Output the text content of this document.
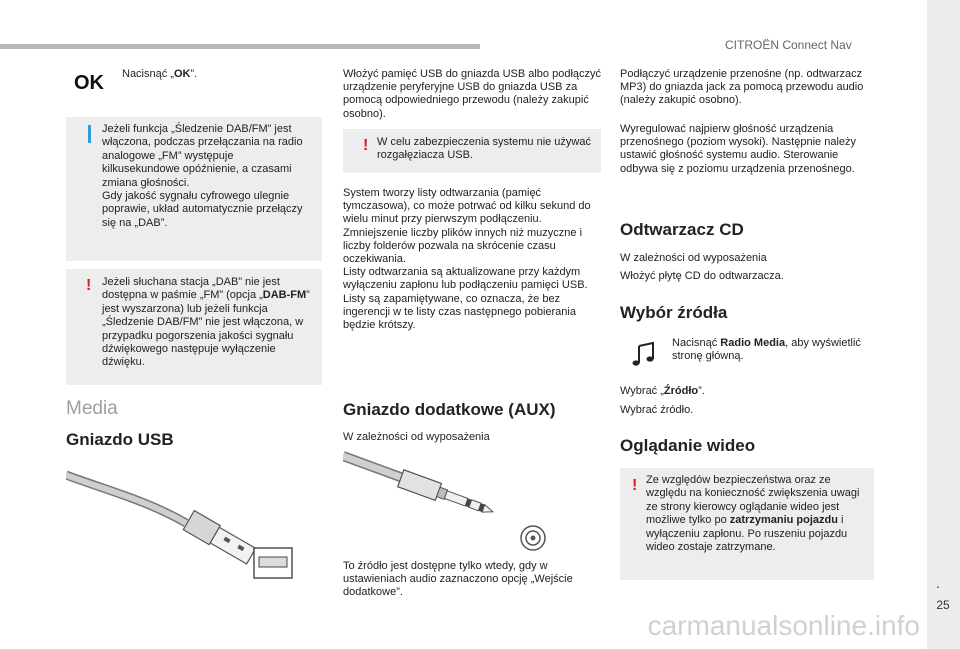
CITROËN Connect Nav
.
25
carmanualsonline.info
OK Nacisnąć „OK”.
Jeżeli funkcja „Śledzenie DAB/FM” jest włączona, podczas przełączania na radio analogowe „FM” występuje kilkusekundowe opóźnienie, a czasami zmiana głośności.
Gdy jakość sygnału cyfrowego ulegnie poprawie, układ automatycznie przełączy się na „DAB”.
! Jeżeli słuchana stacja „DAB” nie jest dostępna w paśmie „FM” (opcja „DAB-FM” jest wyszarzona) lub jeżeli funkcja „Śledzenie DAB/FM” nie jest włączona, w przypadku pogorszenia jakości sygnału dźwiękowego następuje wyłączenie dźwięku.
Media
Gniazdo USB
Włożyć pamięć USB do gniazda USB albo podłączyć urządzenie peryferyjne USB do gniazda USB za pomocą odpowiedniego przewodu (należy zakupić osobno).
! W celu zabezpieczenia systemu nie używać rozgałęziacza USB.
System tworzy listy odtwarzania (pamięć tymczasowa), co może potrwać od kilku sekund do wielu minut przy pierwszym podłączeniu.
Zmniejszenie liczby plików innych niż muzyczne i liczby folderów pozwala na skrócenie czasu oczekiwania.
Listy odtwarzania są aktualizowane przy każdym wyłączeniu zapłonu lub podłączeniu pamięci USB. Listy są zapamiętywane, co oznacza, że bez ingerencji w te listy czas następnego pobierania będzie krótszy.
Gniazdo dodatkowe (AUX)
W zależności od wyposażenia
To źródło jest dostępne tylko wtedy, gdy w ustawieniach audio zaznaczono opcję „Wejście dodatkowe”.
Podłączyć urządzenie przenośne (np. odtwarzacz MP3) do gniazda jack za pomocą przewodu audio (należy zakupić osobno).
Wyregulować najpierw głośność urządzenia przenośnego (poziom wysoki). Następnie należy ustawić głośność systemu audio. Sterowanie odbywa się z poziomu urządzenia przenośnego.
Odtwarzacz CD
W zależności od wyposażenia
Włożyć płytę CD do odtwarzacza.
Wybór źródła
Nacisnąć Radio Media, aby wyświetlić stronę główną.
Wybrać „Źródło”.
Wybrać źródło.
Oglądanie wideo
! Ze względów bezpieczeństwa oraz ze względu na konieczność zwiększenia uwagi ze strony kierowcy oglądanie wideo jest możliwe tylko po zatrzymaniu pojazdu i wyłączeniu zapłonu. Po ruszeniu pojazdu wideo zostaje zatrzymane.
